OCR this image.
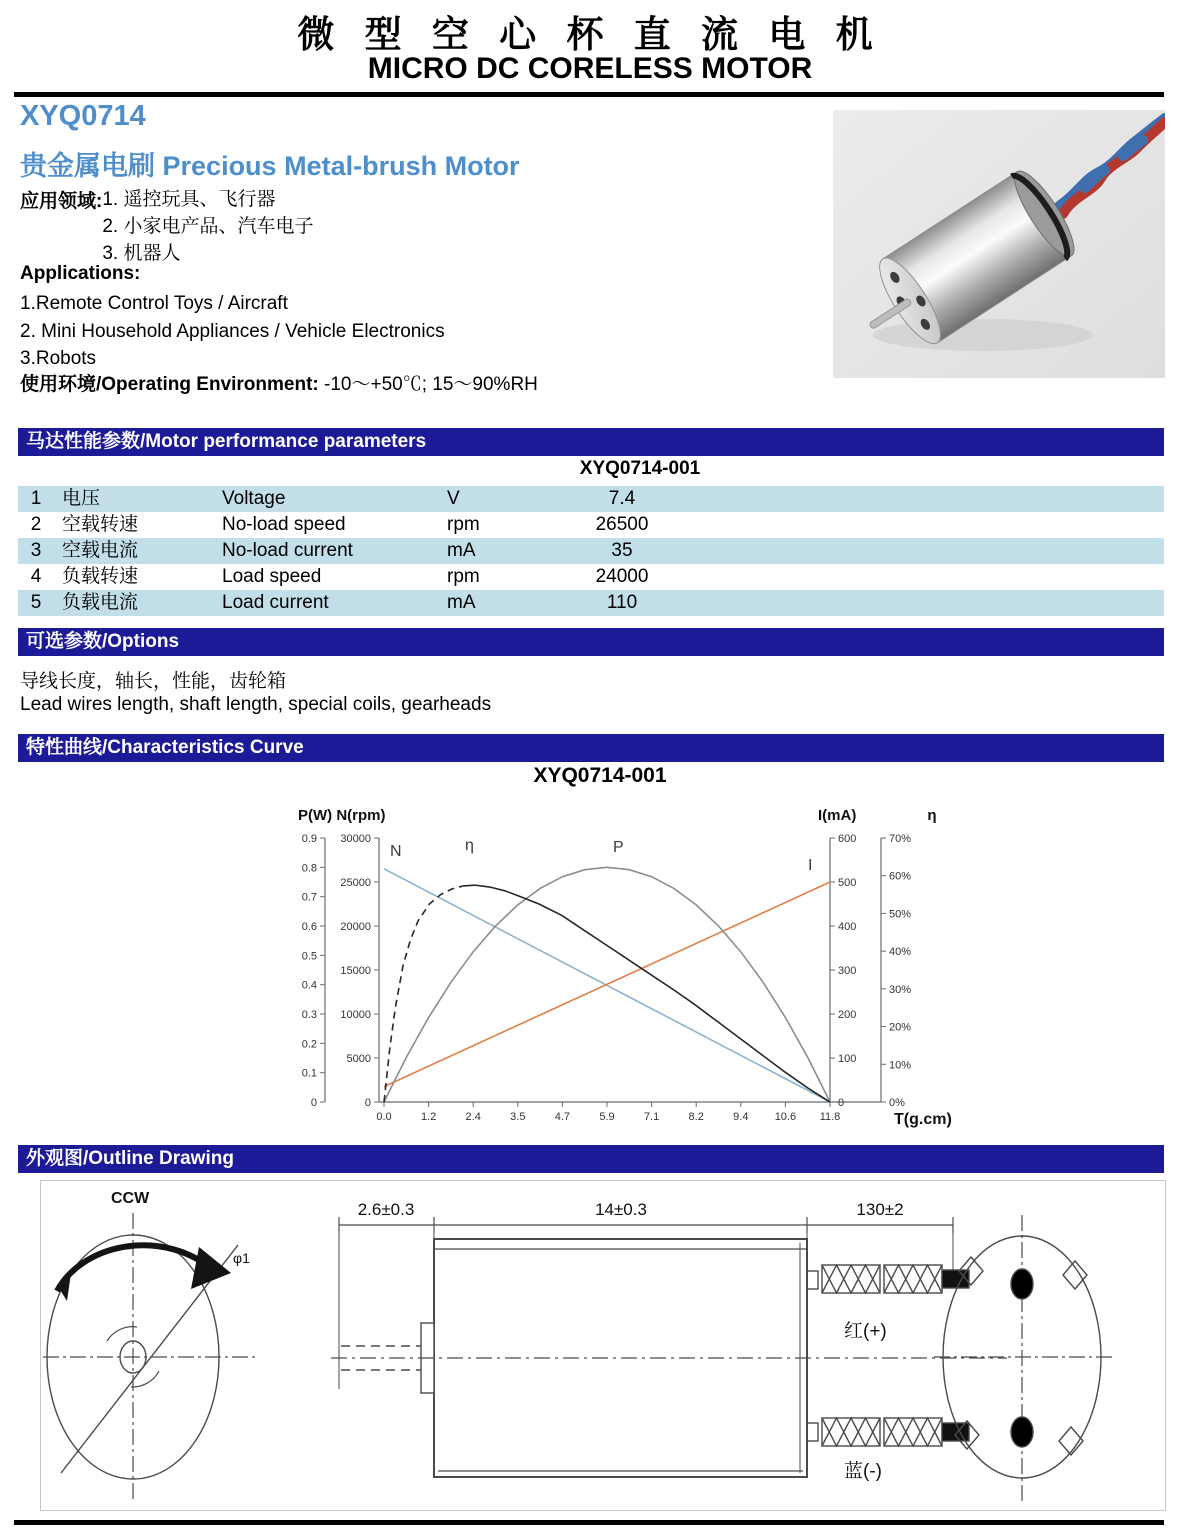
微 型 空 心 杯 直 流 电 机
MICRO DC CORELESS MOTOR
XYQ0714
贵金属电刷 Precious Metal-brush Motor
应用领域: 1. 遥控玩具、飞行器
2. 小家电产品、汽车电子
3. 机器人
Applications:
1.Remote Control Toys / Aircraft
2. Mini Household Appliances / Vehicle Electronics
3.Robots
使用环境/Operating Environment: -10～+50℃; 15～90%RH
马达性能参数/Motor performance parameters
XYQ0714-001
1	电压	Voltage	V	7.4
2	空载转速	No-load speed	rpm	26500
3	空载电流	No-load current	mA	35
4	负载转速	Load speed	rpm	24000
5	负载电流	Load current	mA	110
可选参数/Options
导线长度，轴长，性能，齿轮箱
Lead wires length, shaft length, special coils, gearheads
特性曲线/Characteristics Curve
XYQ0714-001
0
0.1
0.2
0.3
0.4
0.5
0.6
0.7
0.8
0.9
0
5000
10000
15000
20000
25000
30000
0
100
200
300
400
500
600
0%
10%
20%
30%
40%
50%
60%
70%
0.0	1.2	2.4	3.5	4.7	5.9	7.1	8.2	9.4 10.6 11.8
P(W) N(rpm)	I(mA)	η
T(g.cm)
N
I
P
η
外观图/Outline Drawing
CCW
φ1
2.6±0.3	14±0.3	130±2
红(+)
蓝(-)
